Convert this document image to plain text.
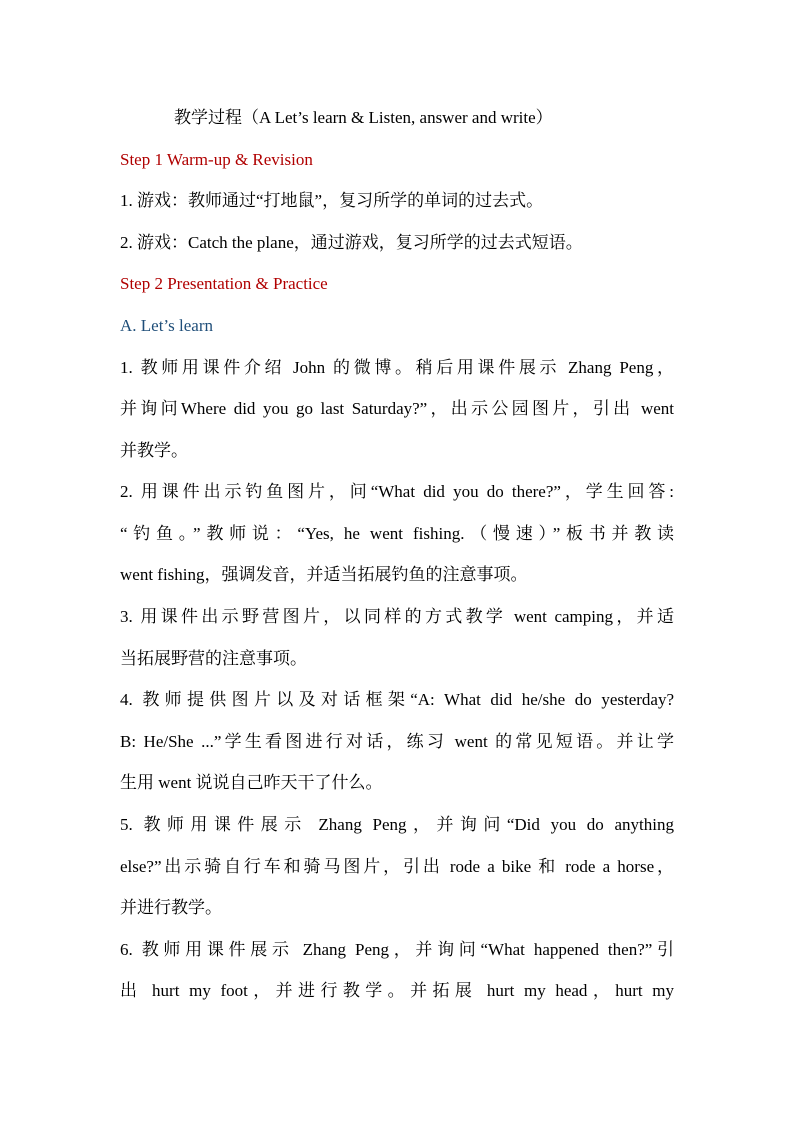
教学过程（A Let’s learn & Listen, answer and write）
Step 1 Warm-up & Revision
1. 游戏：教师通过“打地鼠”，复习所学的单词的过去式。
2. 游戏：Catch the plane，通过游戏，复习所学的过去式短语。
Step 2 Presentation & Practice
A. Let’s learn
1. 教师用课件介绍 John 的微博。稍后用课件展示 Zhang Peng，
并询问Where did you go last Saturday?”，出示公园图片，引出 went
并教学。
2. 用课件出示钓鱼图片，问“What did you do there?”，学生回答:
“钓鱼。”教师说：“Yes, he went fishing.（慢速）”板书并教读
went fishing，强调发音，并适当拓展钓鱼的注意事项。
3. 用课件出示野营图片，以同样的方式教学 went camping，并适
当拓展野营的注意事项。
4. 教师提供图片以及对话框架“A: What did he/she do yesterday?
B: He/She ...”学生看图进行对话，练习 went 的常见短语。并让学
生用 went 说说自己昨天干了什么。
5. 教师用课件展示 Zhang Peng，并询问“Did you do anything
else?”出示骑自行车和骑马图片，引出 rode a bike 和 rode a horse，
并进行教学。
6. 教师用课件展示 Zhang Peng，并询问“What happened then?”引
出 hurt my foot，并进行教学。并拓展 hurt my head，hurt my
